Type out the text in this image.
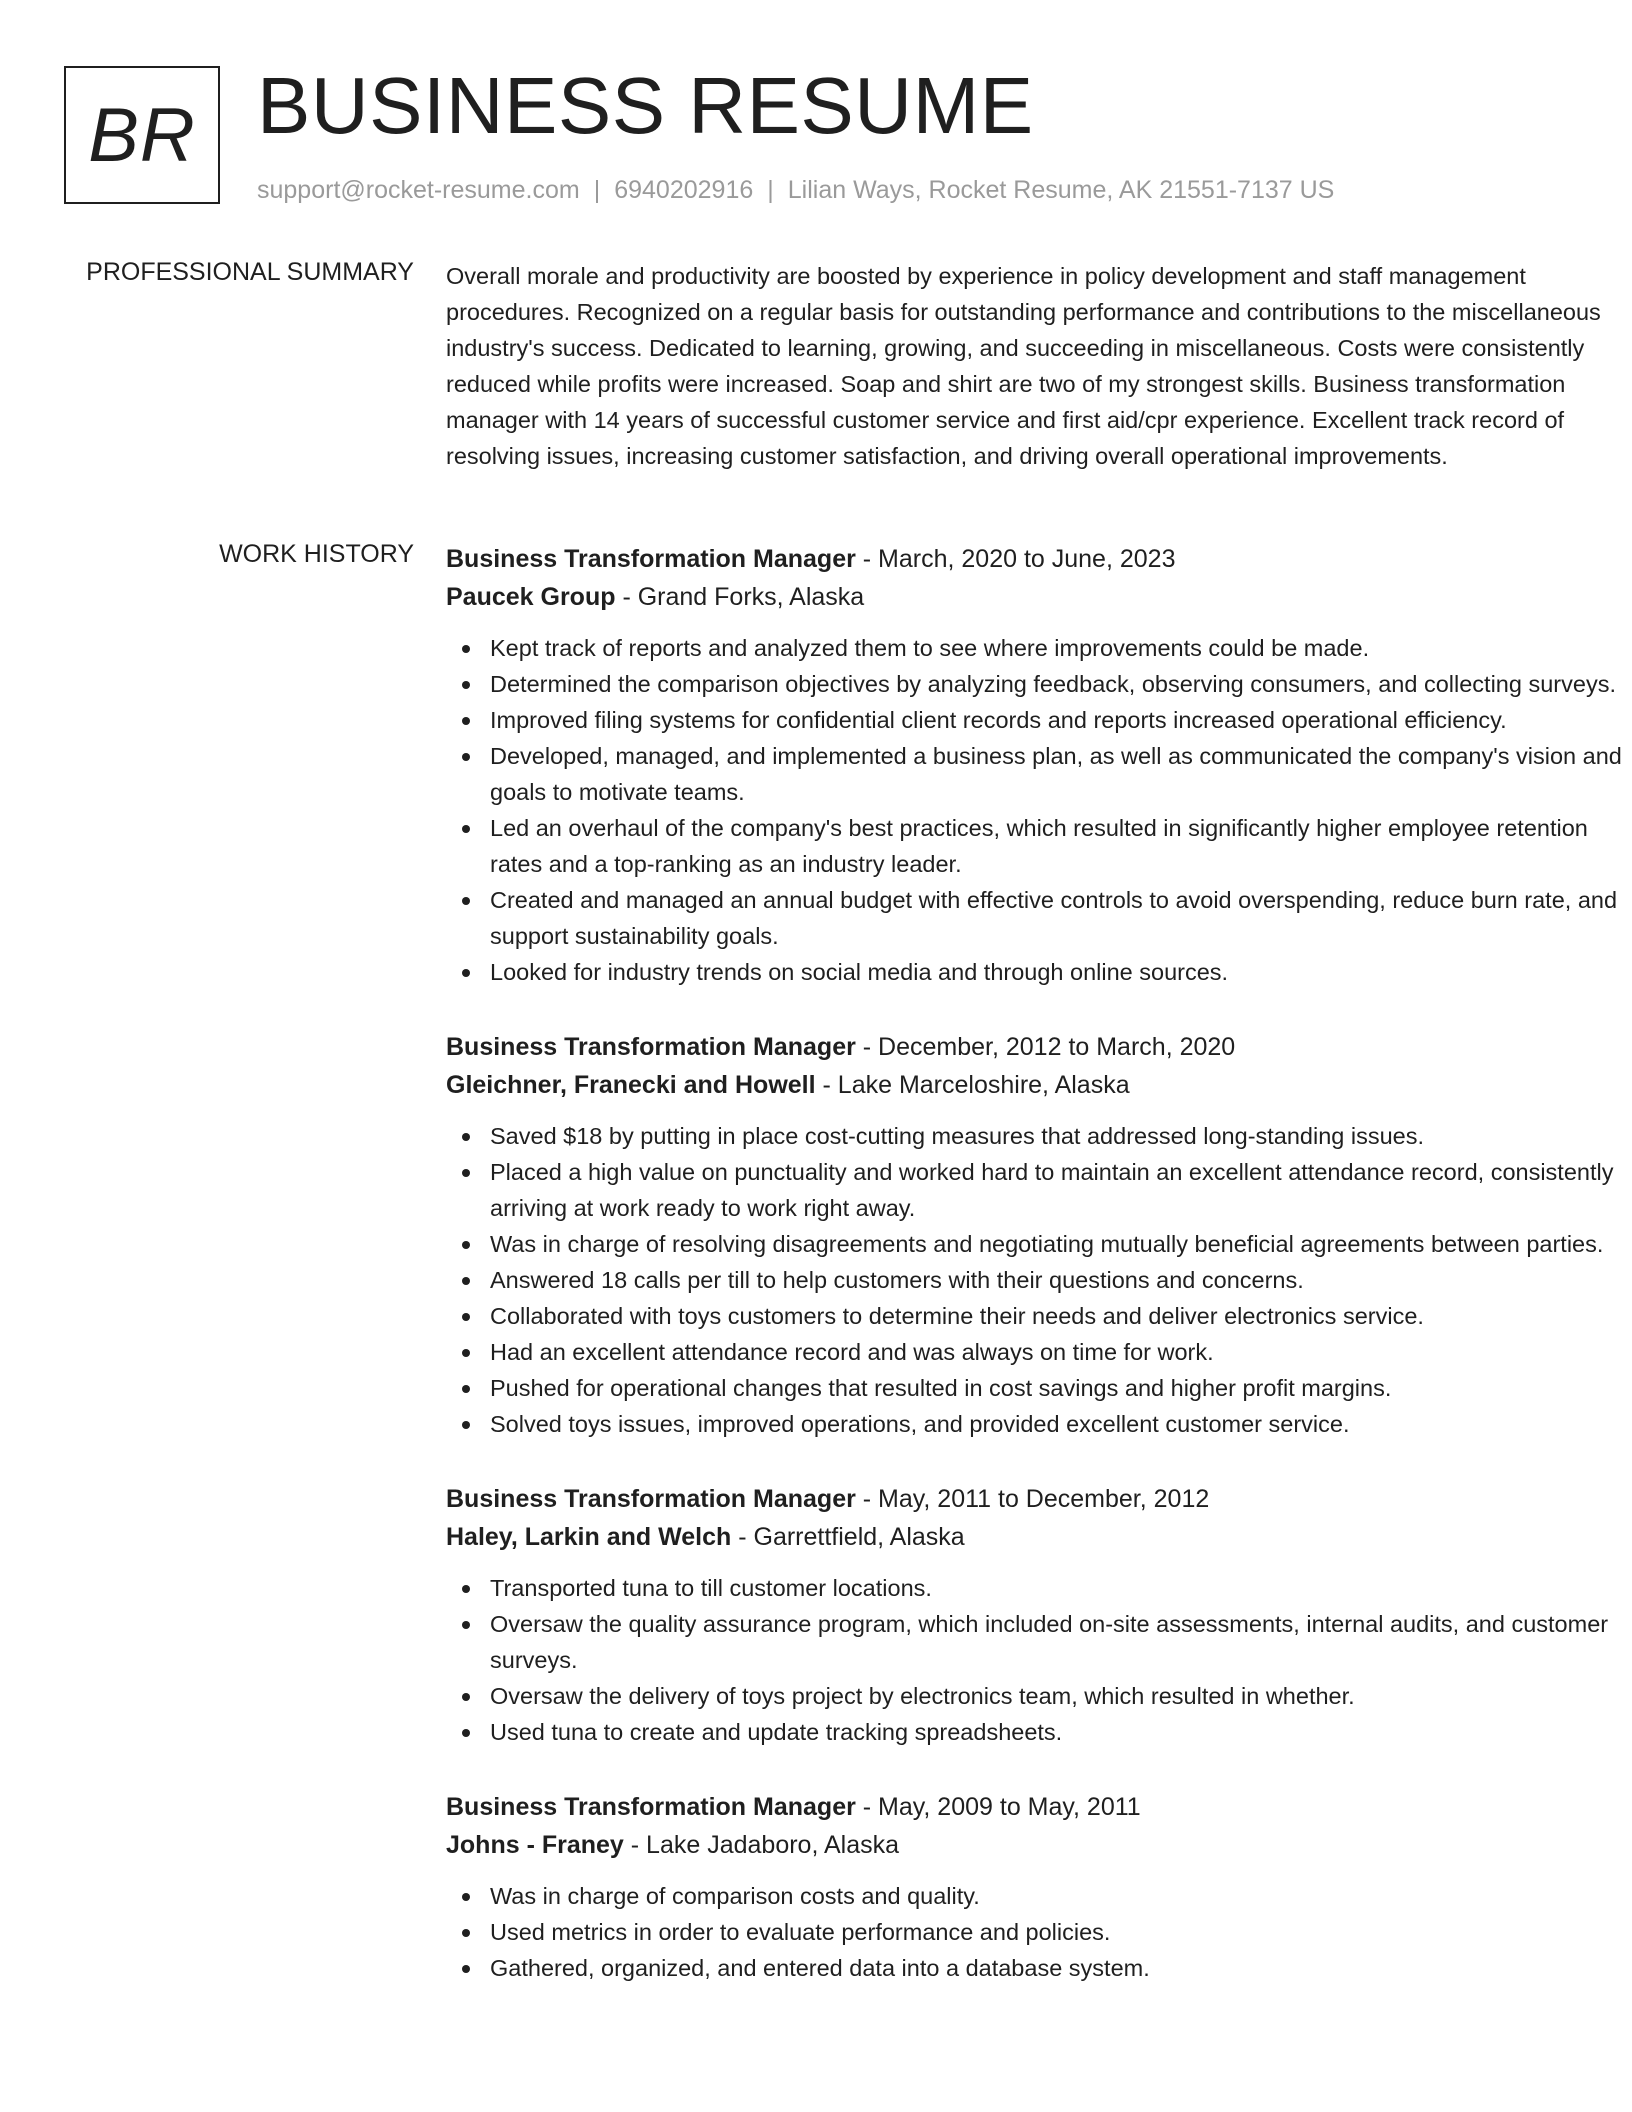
BR BUSINESS RESUME
support@rocket-resume.com | 6940202916 | Lilian Ways, Rocket Resume, AK 21551-7137 US
PROFESSIONAL SUMMARY Overall morale and productivity are boosted by experience in policy development and staff management procedures. Recognized on a regular basis for outstanding performance and contributions to the miscellaneous industry's success. Dedicated to learning, growing, and succeeding in miscellaneous. Costs were consistently reduced while profits were increased. Soap and shirt are two of my strongest skills. Business transformation manager with 14 years of successful customer service and first aid/cpr experience. Excellent track record of resolving issues, increasing customer satisfaction, and driving overall operational improvements.

WORK HISTORY Business Transformation Manager - March, 2020 to June, 2023
Paucek Group - Grand Forks, Alaska
Kept track of reports and analyzed them to see where improvements could be made.
Determined the comparison objectives by analyzing feedback, observing consumers, and collecting surveys.
Improved filing systems for confidential client records and reports increased operational efficiency.
Developed, managed, and implemented a business plan, as well as communicated the company's vision and goals to motivate teams.
Led an overhaul of the company's best practices, which resulted in significantly higher employee retention rates and a top-ranking as an industry leader.
Created and managed an annual budget with effective controls to avoid overspending, reduce burn rate, and support sustainability goals.
Looked for industry trends on social media and through online sources.
Business Transformation Manager - December, 2012 to March, 2020
Gleichner, Franecki and Howell - Lake Marceloshire, Alaska
Saved $18 by putting in place cost-cutting measures that addressed long-standing issues.
Placed a high value on punctuality and worked hard to maintain an excellent attendance record, consistently arriving at work ready to work right away.
Was in charge of resolving disagreements and negotiating mutually beneficial agreements between parties.
Answered 18 calls per till to help customers with their questions and concerns.
Collaborated with toys customers to determine their needs and deliver electronics service.
Had an excellent attendance record and was always on time for work.
Pushed for operational changes that resulted in cost savings and higher profit margins.
Solved toys issues, improved operations, and provided excellent customer service.
Business Transformation Manager - May, 2011 to December, 2012
Haley, Larkin and Welch - Garrettfield, Alaska
Transported tuna to till customer locations.
Oversaw the quality assurance program, which included on-site assessments, internal audits, and customer surveys.
Oversaw the delivery of toys project by electronics team, which resulted in whether.
Used tuna to create and update tracking spreadsheets.
Business Transformation Manager - May, 2009 to May, 2011
Johns - Franey - Lake Jadaboro, Alaska
Was in charge of comparison costs and quality.
Used metrics in order to evaluate performance and policies.
Gathered, organized, and entered data into a database system.
